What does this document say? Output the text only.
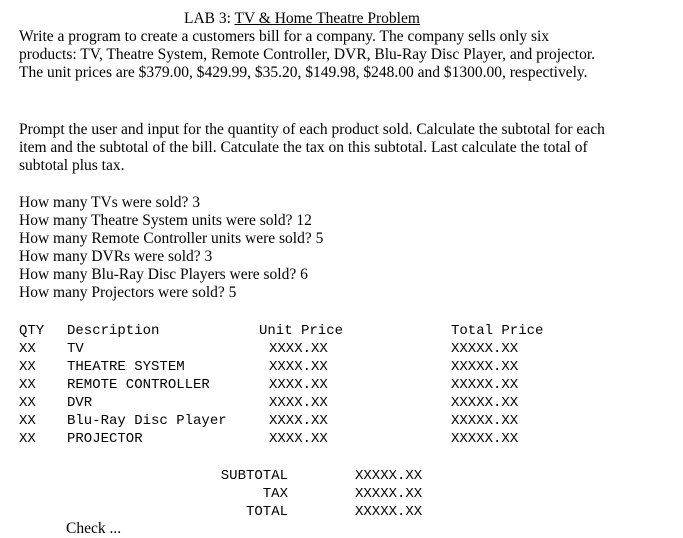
LAB 3: TV & Home Theatre Problem
Write a program to create a customers bill for a company. The company sells only six products: TV, Theatre System, Remote Controller, DVR, Blu-Ray Disc Player, and projector. The unit prices are $379.00, $429.99, $35.20, $149.98, $248.00 and $1300.00, respectively.
Prompt the user and input for the quantity of each product sold. Calculate the subtotal for each item and the subtotal of the bill. Catculate the tax on this subtotal. Last calculate the total of subtotal plus tax.
How many TVs were sold? 3
How many Theatre System units were sold? 12
How many Remote Controller units were sold? 5
How many DVRs were sold? 3
How many Blu-Ray Disc Players were sold? 6
How many Projectors were sold? 5
QTY Description	Unit Price	Total Price
XX TV	XXXX.XX	XXXXX.XX
XX THEATRE SYSTEM	XXXX.XX	XXXXX.XX
XX REMOTE CONTROLLER	XXXX.XX	XXXXX.XX
XX DVR	XXXX.XX	XXXXX.XX
XX Blu-Ray Disc Player	XXXX.XX	XXXXX.XX
XX PROJECTOR	XXXX.XX	XXXXX.XX
SUBTOTAL	XXXXX.XX
TAX	XXXXX.XX
TOTAL	XXXXX.XX
Check ...
